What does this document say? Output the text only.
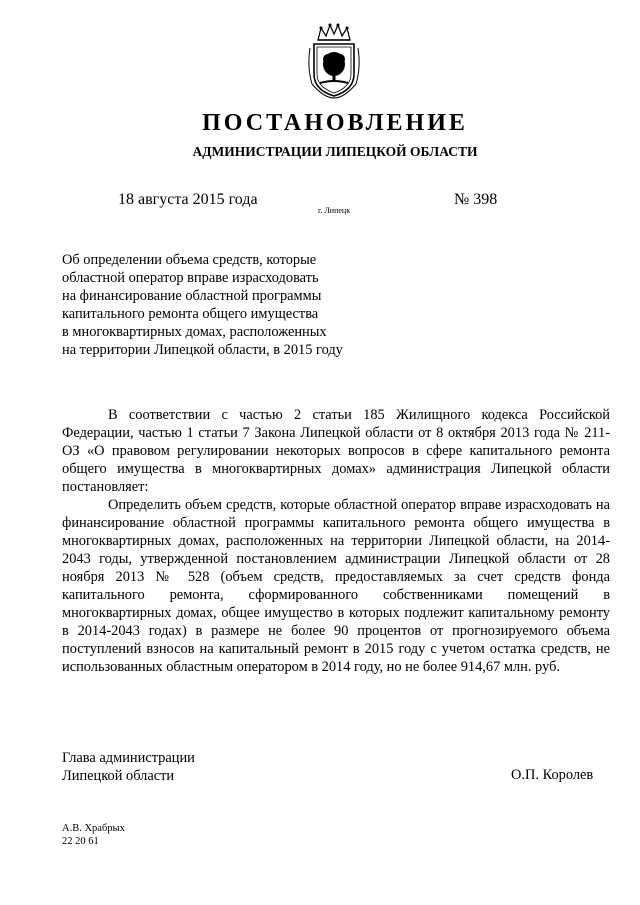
ПОСТАНОВЛЕНИЕ
АДМИНИСТРАЦИИ ЛИПЕЦКОЙ ОБЛАСТИ
18 августа 2015 года
г. Липецк
№ 398
Об определении объема средств, которые
областной оператор вправе израсходовать
на финансирование областной программы
капитального ремонта общего имущества
в многоквартирных домах, расположенных
на территории Липецкой области, в 2015 году

В соответствии с частью 2 статьи 185 Жилищного кодекса Российской Федерации, частью 1 статьи 7 Закона Липецкой области от 8 октября 2013 года № 211-ОЗ «О правовом регулировании некоторых вопросов в сфере капитального ремонта общего имущества в многоквартирных домах» администрация Липецкой области постановляет:

Определить объем средств, которые областной оператор вправе израсходовать на финансирование областной программы капитального ремонта общего имущества в многоквартирных домах, расположенных на территории Липецкой области, на 2014-2043 годы, утвержденной постановлением администрации Липецкой области от 28 ноября 2013 № 528 (объем средств, предоставляемых за счет средств фонда капитального ремонта, сформированного собственниками помещений в многоквартирных домах, общее имущество в которых подлежит капитальному ремонту в 2014-2043 годах) в размере не более 90 процентов от прогнозируемого объема поступлений взносов на капитальный ремонт в 2015 году с учетом остатка средств, не использованных областным оператором в 2014 году, но не более 914,67 млн. руб.

Глава администрации
Липецкой области	О.П. Королев
А.В. Храбрых
22 20 61
